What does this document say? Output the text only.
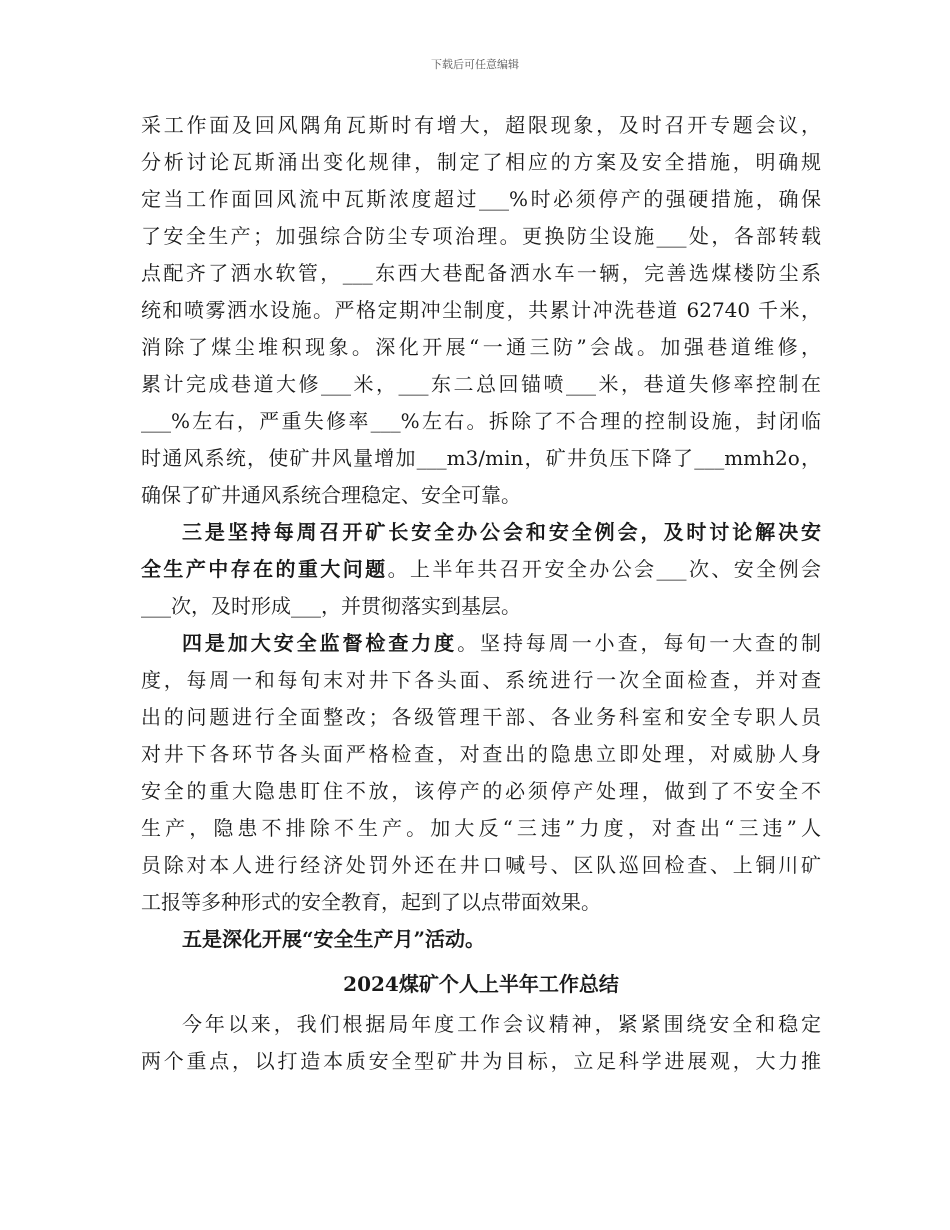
下载后可任意编辑
采工作面及回风隅角瓦斯时有增大，超限现象，及时召开专题会议，
分析讨论瓦斯涌出变化规律，制定了相应的方案及安全措施，明确规
定当工作面回风流中瓦斯浓度超过___%时必须停产的强硬措施，确保
了安全生产；加强综合防尘专项治理。更换防尘设施___处，各部转载
点配齐了洒水软管，___东西大巷配备洒水车一辆，完善选煤楼防尘系
统和喷雾洒水设施。严格定期冲尘制度，共累计冲洗巷道 62740 千米，
消除了煤尘堆积现象。深化开展“一通三防”会战。加强巷道维修，
累计完成巷道大修___米，___东二总回锚喷___米，巷道失修率控制在
___%左右，严重失修率___%左右。拆除了不合理的控制设施，封闭临
时通风系统，使矿井风量增加___m3/min，矿井负压下降了___mmh2o，
确保了矿井通风系统合理稳定、安全可靠。
三是坚持每周召开矿长安全办公会和安全例会，及时讨论解决安
全生产中存在的重大问题。上半年共召开安全办公会___次、安全例会
___次，及时形成___，并贯彻落实到基层。
四是加大安全监督检查力度。坚持每周一小查，每旬一大查的制
度，每周一和每旬末对井下各头面、系统进行一次全面检查，并对查
出的问题进行全面整改；各级管理干部、各业务科室和安全专职人员
对井下各环节各头面严格检查，对查出的隐患立即处理，对威胁人身
安全的重大隐患盯住不放，该停产的必须停产处理，做到了不安全不
生产，隐患不排除不生产。加大反“三违”力度，对查出“三违”人
员除对本人进行经济处罚外还在井口喊号、区队巡回检查、上铜川矿
工报等多种形式的安全教育，起到了以点带面效果。
五是深化开展“安全生产月”活动。
2024煤矿个人上半年工作总结
今年以来，我们根据局年度工作会议精神，紧紧围绕安全和稳定
两个重点，以打造本质安全型矿井为目标，立足科学进展观，大力推
